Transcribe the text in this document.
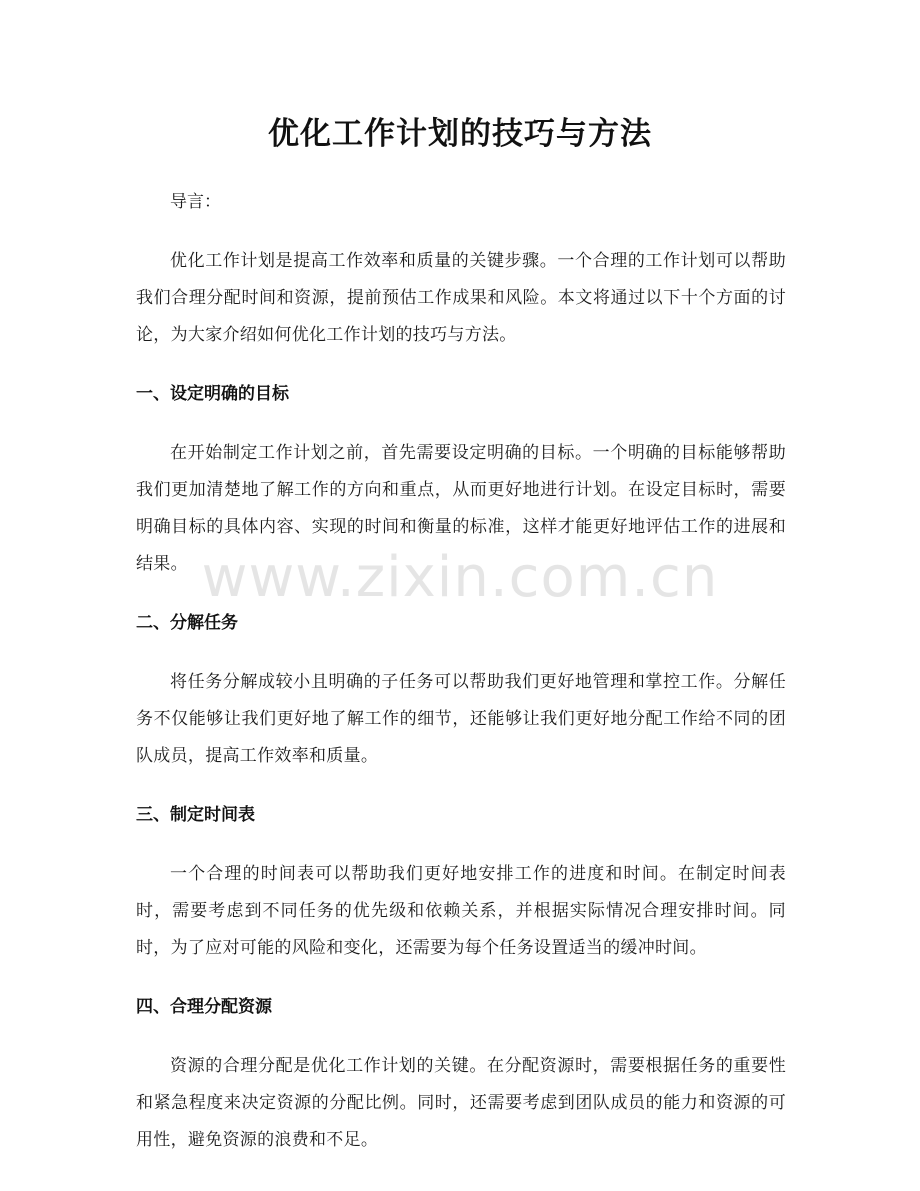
优化工作计划的技巧与方法

导言：

优化工作计划是提高工作效率和质量的关键步骤。一个合理的工作计划可以帮助我们合理分配时间和资源，提前预估工作成果和风险。本文将通过以下十个方面的讨论，为大家介绍如何优化工作计划的技巧与方法。

一、设定明确的目标

在开始制定工作计划之前，首先需要设定明确的目标。一个明确的目标能够帮助我们更加清楚地了解工作的方向和重点，从而更好地进行计划。在设定目标时，需要明确目标的具体内容、实现的时间和衡量的标准，这样才能更好地评估工作的进展和结果。

二、分解任务

将任务分解成较小且明确的子任务可以帮助我们更好地管理和掌控工作。分解任务不仅能够让我们更好地了解工作的细节，还能够让我们更好地分配工作给不同的团队成员，提高工作效率和质量。

三、制定时间表

一个合理的时间表可以帮助我们更好地安排工作的进度和时间。在制定时间表时，需要考虑到不同任务的优先级和依赖关系，并根据实际情况合理安排时间。同时，为了应对可能的风险和变化，还需要为每个任务设置适当的缓冲时间。

四、合理分配资源

资源的合理分配是优化工作计划的关键。在分配资源时，需要根据任务的重要性和紧急程度来决定资源的分配比例。同时，还需要考虑到团队成员的能力和资源的可用性，避免资源的浪费和不足。

www.zixin.com.cn
